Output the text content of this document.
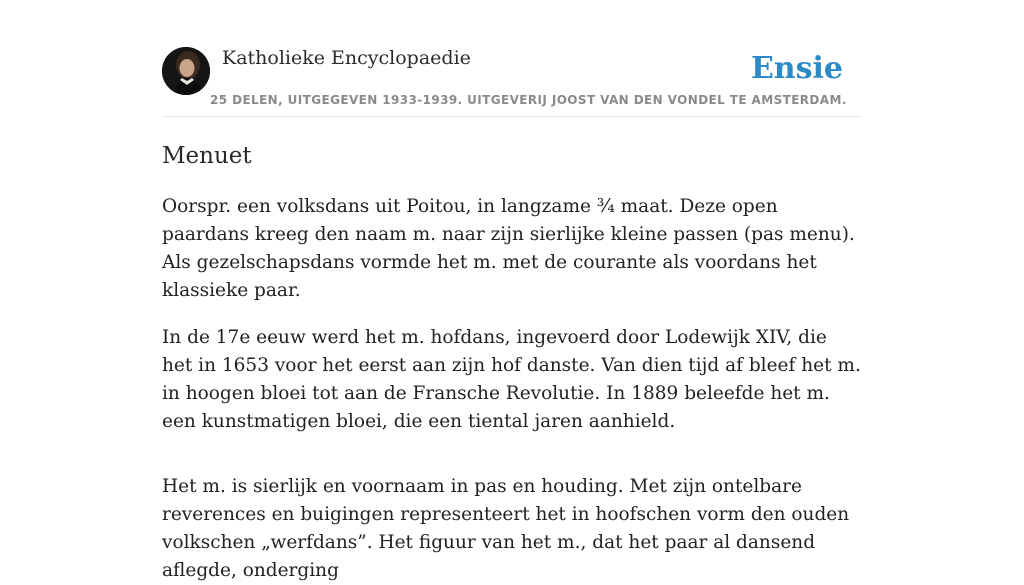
Katholieke Encyclopaedie
25 DELEN, UITGEGEVEN 1933-1939. UITGEVERIJ JOOST VAN DEN VONDEL TE AMSTERDAM.
Ensie
Menuet

Oorspr. een volksdans uit Poitou, in langzame ¾ maat. Deze open paardans kreeg den naam m. naar zijn sierlijke kleine passen (pas menu). Als gezelschapsdans vormde het m. met de courante als voordans het klassieke paar.

In de 17e eeuw werd het m. hofdans, ingevoerd door Lodewijk XIV, die het in 1653 voor het eerst aan zijn hof danste. Van dien tijd af bleef het m. in hoogen bloei tot aan de Fransche Revolutie. In 1889 beleefde het m. een kunstmatigen bloei, die een tiental jaren aanhield.

Het m. is sierlijk en voornaam in pas en houding. Met zijn ontelbare reverences en buigingen representeert het in hoofschen vorm den ouden volkschen „werfdans”. Het figuur van het m., dat het paar al dansend aflegde, onderging
